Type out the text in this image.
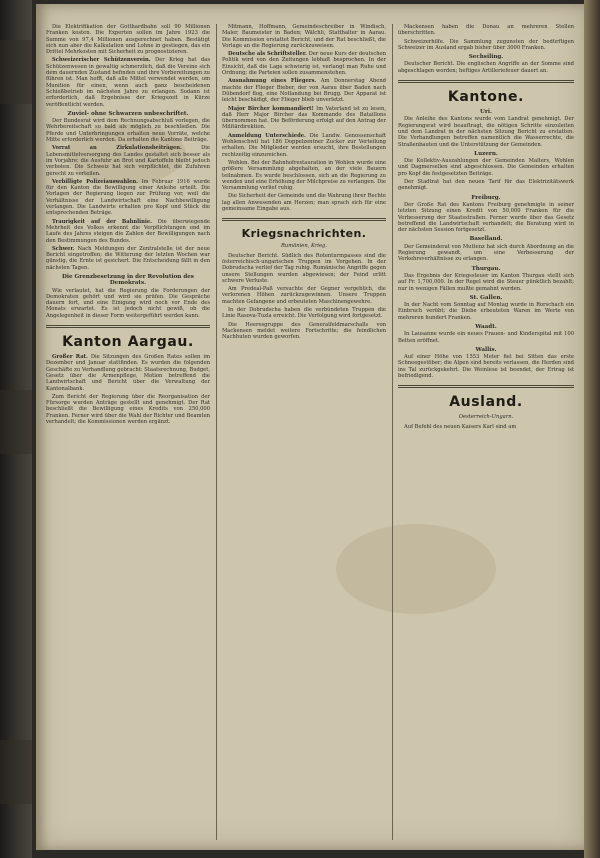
Die Elektrifikation der Gotthardbahn soll 90 Millionen Franken kosten. Die Experten sollen im Jahre 1923 die Summe von 97,4 Millionen ausgerechnet haben. Bestätigt sich nun aber die Kalkulation und Lohne in gestiegen, das ein Drittel Mehrkosten mit Sicherheit zu prognostizieren.

Schweizerischer Schützenverein. Der Krieg hat das Schützenwesen in gewaltig schmerzlich, daß die Vereine sich dem dauernden Zustand befinden und ihre Vorbereitungen zu führen ist. Man hofft, daß alle Mittel verwendet werden, um Munition für einen, wenn auch ganz bescheidenen Schießbetrieb im nächsten Jahre zu erlangen. Sodann ist erforderlich, daß Ergebnisse der Kriegszeit in Kürze veröffentlicht werden.

Zuviel- ohne Schwarzen unbeschriftet.

Der Bundesrat wird dem Rechnungsabschluß vorlegen, die Wehrbereitschaft so bald als möglich zu beschließen. Die Pferde und Unterbringungen erhalten neue Vorräte, welche Mitte erforderlich werden. Da erhalten die Kantone Beiträge.

Vorrat an Zirkulationsbeiträgen.	Die Lebensmittelversorgung des Landes gestaltet sich besser als im Vorjahre; die Ausfuhr an Brot und Kartoffeln bleibt jedoch verboten. Die Schweiz hat sich verpflichtet, die Zufuhren gerecht zu verteilen.

Verbilligte Polizeiauswahlen. Im Februar 1916 wurde für den Kanton die Bewilligung einer Anleihe erteilt. Die Vorlagen der Regierung liegen zur Prüfung vor, weil die Verhältnisse der Landwirtschaft eine Nachbewilligung verlangen. Die Landwirte erhalten pro Kopf und Stück die entsprechenden Beträge.

Traurigkeit auf der Bahnlinie. Die überwiegende Mehrheit des Volkes erkennt die Verpflichtungen und im Laufe des Jahres steigen die Zahlen der Bewilligungen nach den Bestimmungen des Bundes.

Schwer. Nach Meldungen der Zentralstelle ist der neue Bericht eingetroffen; die Witterung der letzten Wochen war günstig, die Ernte ist gesichert. Die Entscheidung fällt in den nächsten Tagen.

Die Grenzbesetzung in der Revolution des Demokrats.

Wie verlautet, hat die Regierung die Forderungen der Demokraten gehört und wird sie prüfen. Die Gespräche dauern fort, und eine Einigung wird noch vor Ende des Monats erwartet. Es ist jedoch nicht gewiß, ob die Angelegenheit in dieser Form weitergeführt werden kann.

Kanton Aargau.

Großer Rat. Die Sitzungen des Großen Rates sollen im Dezember und Januar stattfinden. Es wurden die folgenden Geschäfte zu Verhandlung gebracht: Staatsrechnung, Budget, Gesetz über die Armenpflege, Motion betreffend die Landwirtschaft und Bericht über die Verwaltung der Kantonalbank.

Zum Bericht der Regierung über die Reorganisation der Fürsorge wurden Anträge gestellt und genehmigt. Der Rat beschließt die Bewilligung eines Kredits von 250,000 Franken. Ferner wird über die Wahl der Richter und Beamten verhandelt; die Kommissionen werden ergänzt.

Mitmann, Hoffmann, Gemeindeschreiber in Windisch, Maler, Baumeister in Baden; Wälchli, Statthalter in Aarau. Die Kommission erstattet Bericht, und der Rat beschließt, die Vorlage an die Regierung zurückzuweisen.

Deutsche als Schriftsteller. Der neue Kurs der deutschen Politik wird von den Zeitungen lebhaft besprochen. In der Einsicht, daß die Lage schwierig ist, verlangt man Ruhe und Ordnung; die Parteien sollen zusammenstehen.

Ausnahmung eines Fliegers. Am Donnerstag Abend machte der Flieger Bieber, der von Aarau über Baden nach Dübendorf flog, eine Notlandung bei Brugg. Der Apparat ist leicht beschädigt, der Flieger blieb unverletzt.

Major Bircher kommandiert! Im Vaterland ist zu lesen, daß Herr Major Bircher das Kommando des Bataillons übernommen hat. Die Beförderung erfolgt auf den Antrag der Militärdirektion.

Anmeldung Unterschiede. Die Landw. Genossenschaft Wohlenschwil hat 186 Doppelzentner Zucker zur Verteilung erhalten. Die Mitglieder werden ersucht, ihre Bestellungen rechtzeitig einzureichen.

Wohlen. Bei der Bahnhofrestauration in Wohlen wurde eine größere Versammlung abgehalten, an der viele Bauern teilnahmen. Es wurde beschlossen, sich an die Regierung zu wenden und eine Erhöhung der Milchpreise zu verlangen. Die Versammlung verlief ruhig.

Die Sicherheit der Gemeinde und die Wahrung ihrer Rechte lag allen Anwesenden am Herzen; man sprach sich für eine gemeinsame Eingabe aus.

Kriegsnachrichten.
Rumänien, Krieg.

Deutscher Bericht. Südlich des Rotenturmpasses sind die österreichisch-ungarischen Truppen im Vorgehen. In der Dobrudscha verlief der Tag ruhig. Rumänische Angriffe gegen unsere Stellungen wurden abgewiesen; der Feind erlitt schwere Verluste.

Am Predeal-Paß versuchte der Gegner vergeblich, die verlorenen Höhen zurückzugewinnen. Unsere Truppen machten Gefangene und erbeuteten Maschinengewehre.

In der Dobrudscha haben die verbündeten Truppen die Linie Rasova-Tuzla erreicht. Die Verfolgung wird fortgesetzt.

Die Heeresgruppe des Generalfeldmarschalls von Mackensen meldet weitere Fortschritte; die feindlichen Nachhuten wurden geworfen.

Mackensen haben die Donau an mehreren Stellen überschritten.

Schweizerhilfe. Die Sammlung zugunsten der bedürftigen Schweizer im Ausland ergab bisher über 3000 Franken.

Sechsiling.

Deutscher Bericht. Die englischen Angriffe an der Somme sind abgeschlagen worden; heftiges Artilleriefeuer dauert an.

Kantone.
Uri.

Die Anleihe des Kantons wurde vom Landrat genehmigt. Der Regierungsrat wird beauftragt, die nötigen Schritte einzuleiten und dem Landrat in der nächsten Sitzung Bericht zu erstatten. Die Verhandlungen betreffen namentlich die Wasserrechte, die Straßenbauten und die Unterstützung der Gemeinden.

Luzern.

Die Kollektiv-Auszahlungen der Gemeinden Malters, Wohlen und Dagmersellen sind abgeschlossen. Die Gemeinden erhalten pro Kopf die festgesetzten Beiträge.

Der Stadtrat hat den neuen Tarif für das Elektrizitätswerk genehmigt.

Freiburg.

Der Große Rat des Kantons Freiburg genehmigte in seiner letzten Sitzung einen Kredit von 50,000 Franken für die Verbesserung der Staatsstraßen. Ferner wurde über das Gesetz betreffend die Landwirtschaft verhandelt; die Beratung wird in der nächsten Session fortgesetzt.

Baselland.

Der Gemeinderat von Muttenz hat sich durch Abordnung an die Regierung gewandt, um eine Verbesserung der Verkehrsverhältnisse zu erlangen.

Thurgau.

Das Ergebnis der Kriegssteuer im Kanton Thurgau stellt sich auf Fr. 1,700,000. In der Regel wird die Steuer pünktlich bezahlt; nur in wenigen Fällen mußte gemahnt werden.

St. Gallen.

In der Nacht vom Sonntag auf Montag wurde in Rorschach ein Einbruch verübt; die Diebe erbeuteten Waren im Werte von mehreren hundert Franken.

Waadt.

In Lausanne wurde ein neues Frauen- und Kinderspital mit 100 Betten eröffnet.

Wallis.

Auf einer Höhe von 1553 Meter fiel bei Sitten das erste Schneegestöber; die Alpen sind bereits verlassen, die Herden sind ins Tal zurückgekehrt. Die Weinlese ist beendet, der Ertrag ist befriedigend.

Ausland.
Oesterreich-Ungarn.

Auf Befehl des neuen Kaisers Karl sind am
